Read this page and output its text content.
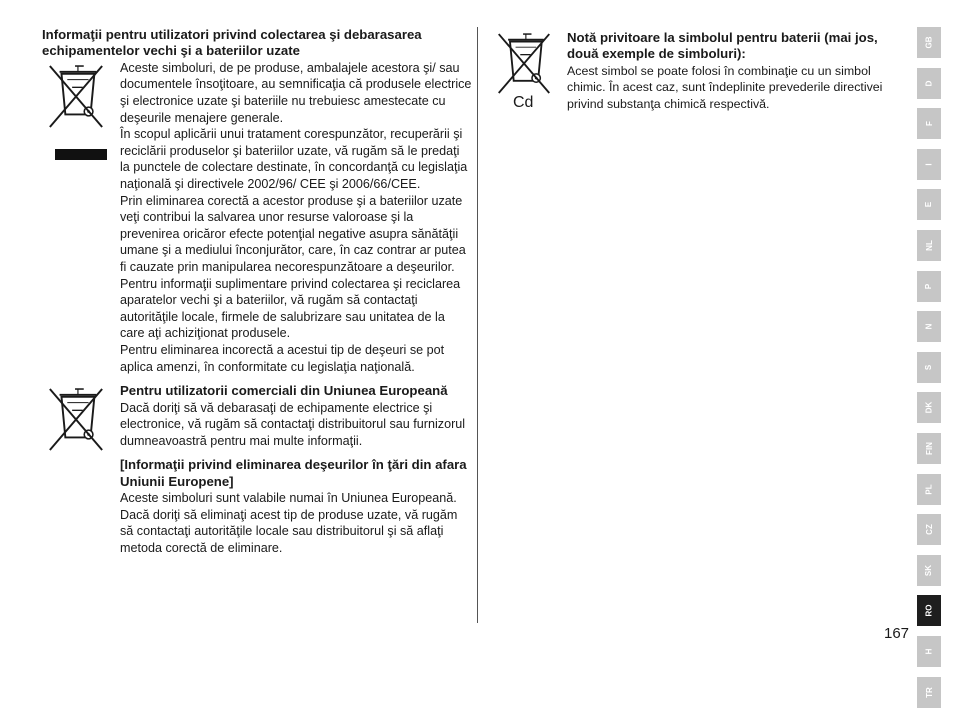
Informaţii pentru utilizatori privind colectarea şi debarasarea echipamentelor vechi şi a bateriilor uzate

Aceste simboluri, de pe produse, ambalajele acestora şi/ sau documentele însoţitoare, au semnificaţia că produsele electrice şi electronice uzate şi bateriile nu trebuiesc amestecate cu deşeurile menajere generale.

În scopul aplicării unui tratament corespunzător, recuperării şi reciclării produselor şi bateriilor uzate, vă rugăm să le predaţi la punctele de colectare destinate, în concordanţă cu legislaţia naţională şi directivele 2002/96/ CEE şi 2006/66/CEE.

Prin eliminarea corectă a acestor produse şi a bateriilor uzate veţi contribui la salvarea unor resurse valoroase şi la prevenirea oricăror efecte potenţial negative asupra sănătăţii umane şi a mediului înconjurător, care, în caz contrar ar putea fi cauzate prin manipularea necorespunzătoare a deşeurilor.

Pentru informaţii suplimentare privind colectarea şi reciclarea aparatelor vechi şi a bateriilor, vă rugăm să contactaţi autorităţile locale, firmele de salubrizare sau unitatea de la care aţi achiziţionat produsele.

Pentru eliminarea incorectă a acestui tip de deşeuri se pot aplica amenzi, în conformitate cu legislaţia naţională.

Pentru utilizatorii comerciali din Uniunea Europeană

Dacă doriţi să vă debarasaţi de echipamente electrice şi electronice, vă rugăm să contactaţi distribuitorul sau furnizorul dumneavoastră pentru mai multe informaţii.

[Informaţii privind eliminarea deşeurilor în ţări din afara Uniunii Europene]

Aceste simboluri sunt valabile numai în Uniunea Europeană. Dacă doriţi să eliminaţi acest tip de produse uzate, vă rugăm să contactaţi autorităţile locale sau distribuitorul şi să aflaţi metoda corectă de eliminare.

Cd

Notă privitoare la simbolul pentru baterii (mai jos, două exemple de simboluri):

Acest simbol se poate folosi în combinaţie cu un simbol chimic. În acest caz, sunt îndeplinite prevederile directivei privind substanţa chimică respectivă.

GB
D
F
I
E
NL
P
N
S
DK
FIN
PL
CZ
SK
RO
H
TR
167
